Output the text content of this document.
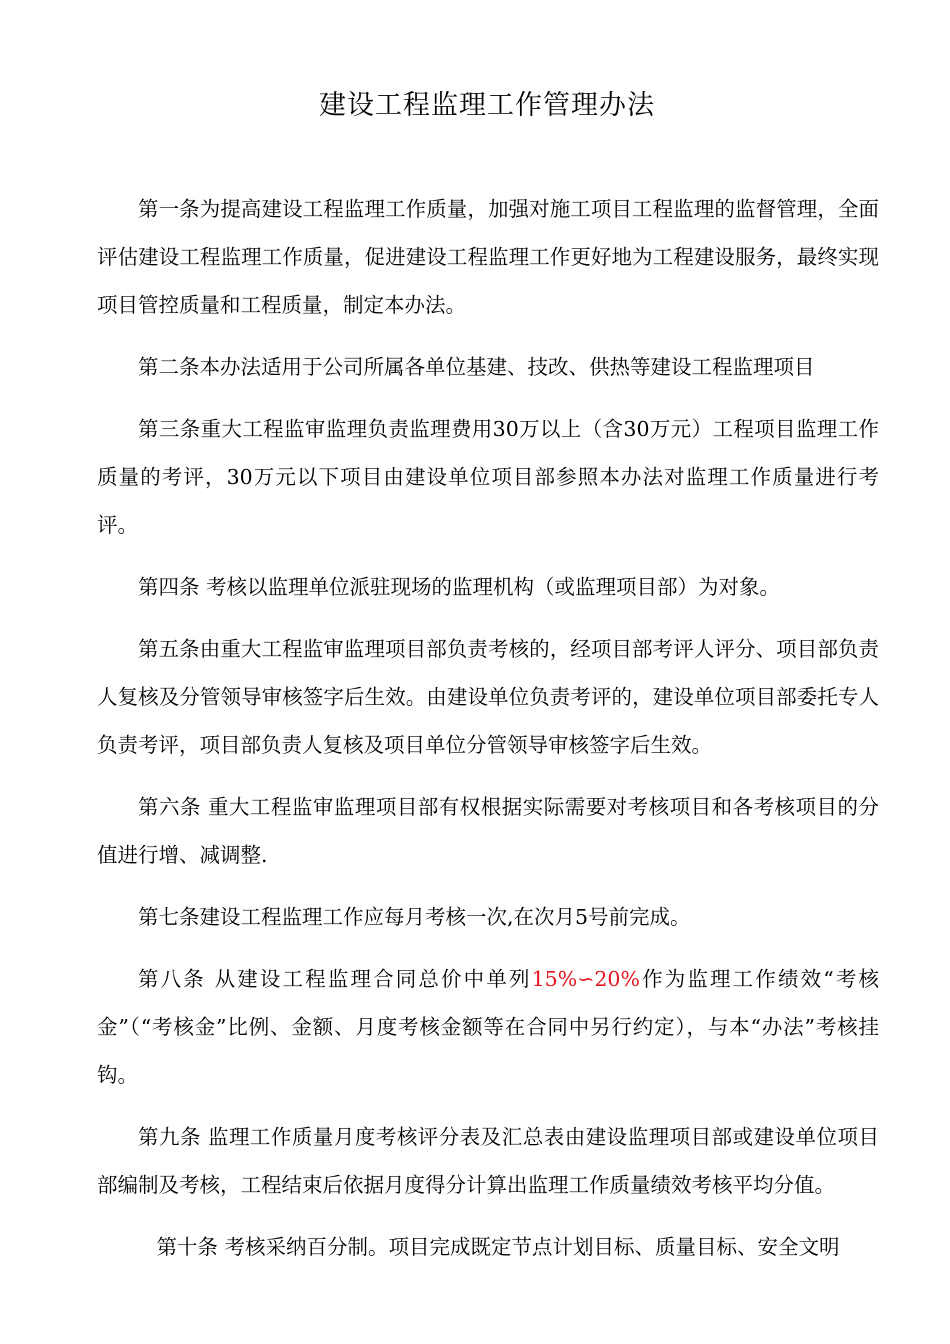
建设工程监理工作管理办法

第一条为提高建设工程监理工作质量，加强对施工项目工程监理的监督管理，全面评估建设工程监理工作质量，促进建设工程监理工作更好地为工程建设服务，最终实现项目管控质量和工程质量，制定本办法。

第二条本办法适用于公司所属各单位基建、技改、供热等建设工程监理项目

第三条重大工程监审监理负责监理费用30万以上（含30万元）工程项目监理工作质量的考评，30万元以下项目由建设单位项目部参照本办法对监理工作质量进行考评。

第四条 考核以监理单位派驻现场的监理机构（或监理项目部）为对象。

第五条由重大工程监审监理项目部负责考核的，经项目部考评人评分、项目部负责人复核及分管领导审核签字后生效。由建设单位负责考评的，建设单位项目部委托专人负责考评，项目部负责人复核及项目单位分管领导审核签字后生效。

第六条 重大工程监审监理项目部有权根据实际需要对考核项目和各考核项目的分值进行增、减调整.

第七条建设工程监理工作应每月考核一次,在次月5号前完成。

第八条 从建设工程监理合同总价中单列15%∽20%作为监理工作绩效“考核金”（“考核金”比例、金额、月度考核金额等在合同中另行约定），与本“办法”考核挂钩。

第九条 监理工作质量月度考核评分表及汇总表由建设监理项目部或建设单位项目部编制及考核，工程结束后依据月度得分计算出监理工作质量绩效考核平均分值。

第十条 考核采纳百分制。项目完成既定节点计划目标、质量目标、安全文明
